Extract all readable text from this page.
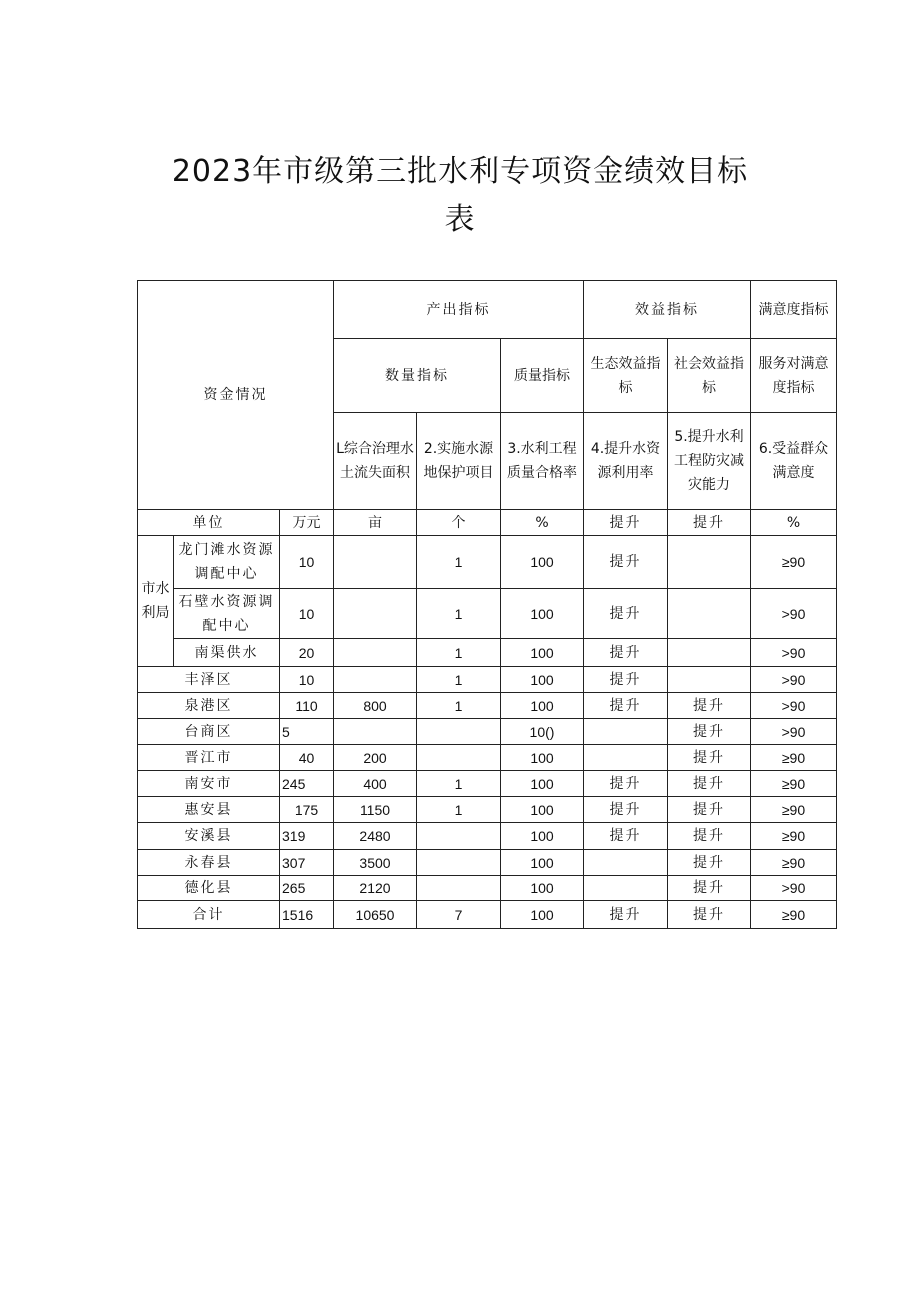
2023年市级第三批水利专项资金绩效目标
表
资金情况			产出指标			效益指标		满意度指标
			数量指标		质量指标	生态效益指标	社会效益指标	服务对满意度指标
			L综合治理水土流失面积	2.实施水源地保护项目	3.水利工程质量合格率	4.提升水资源利用率	5.提升水利工程防灾减灾能力	6.受益群众满意度
单位		万元	亩	个	%	提升	提升	%
市水利局	龙门滩水资源调配中心	10		1	100	提升		≥90
	石壁水资源调配中心	10		1	100	提升		>90
	南渠供水	20		1	100	提升		>90
丰泽区		10		1	100	提升		>90
泉港区		110	800	1	100	提升	提升	>90
台商区		5			10()		提升	>90
晋江市		40	200		100		提升	≥90
南安市		245	400	1	100	提升	提升	≥90
惠安县		175	1150	1	100	提升	提升	≥90
安溪县		319	2480		100	提升	提升	≥90
永春县		307	3500		100		提升	≥90
德化县		265	2120		100		提升	>90
合计		1516	10650	7	100	提升	提升	≥90
